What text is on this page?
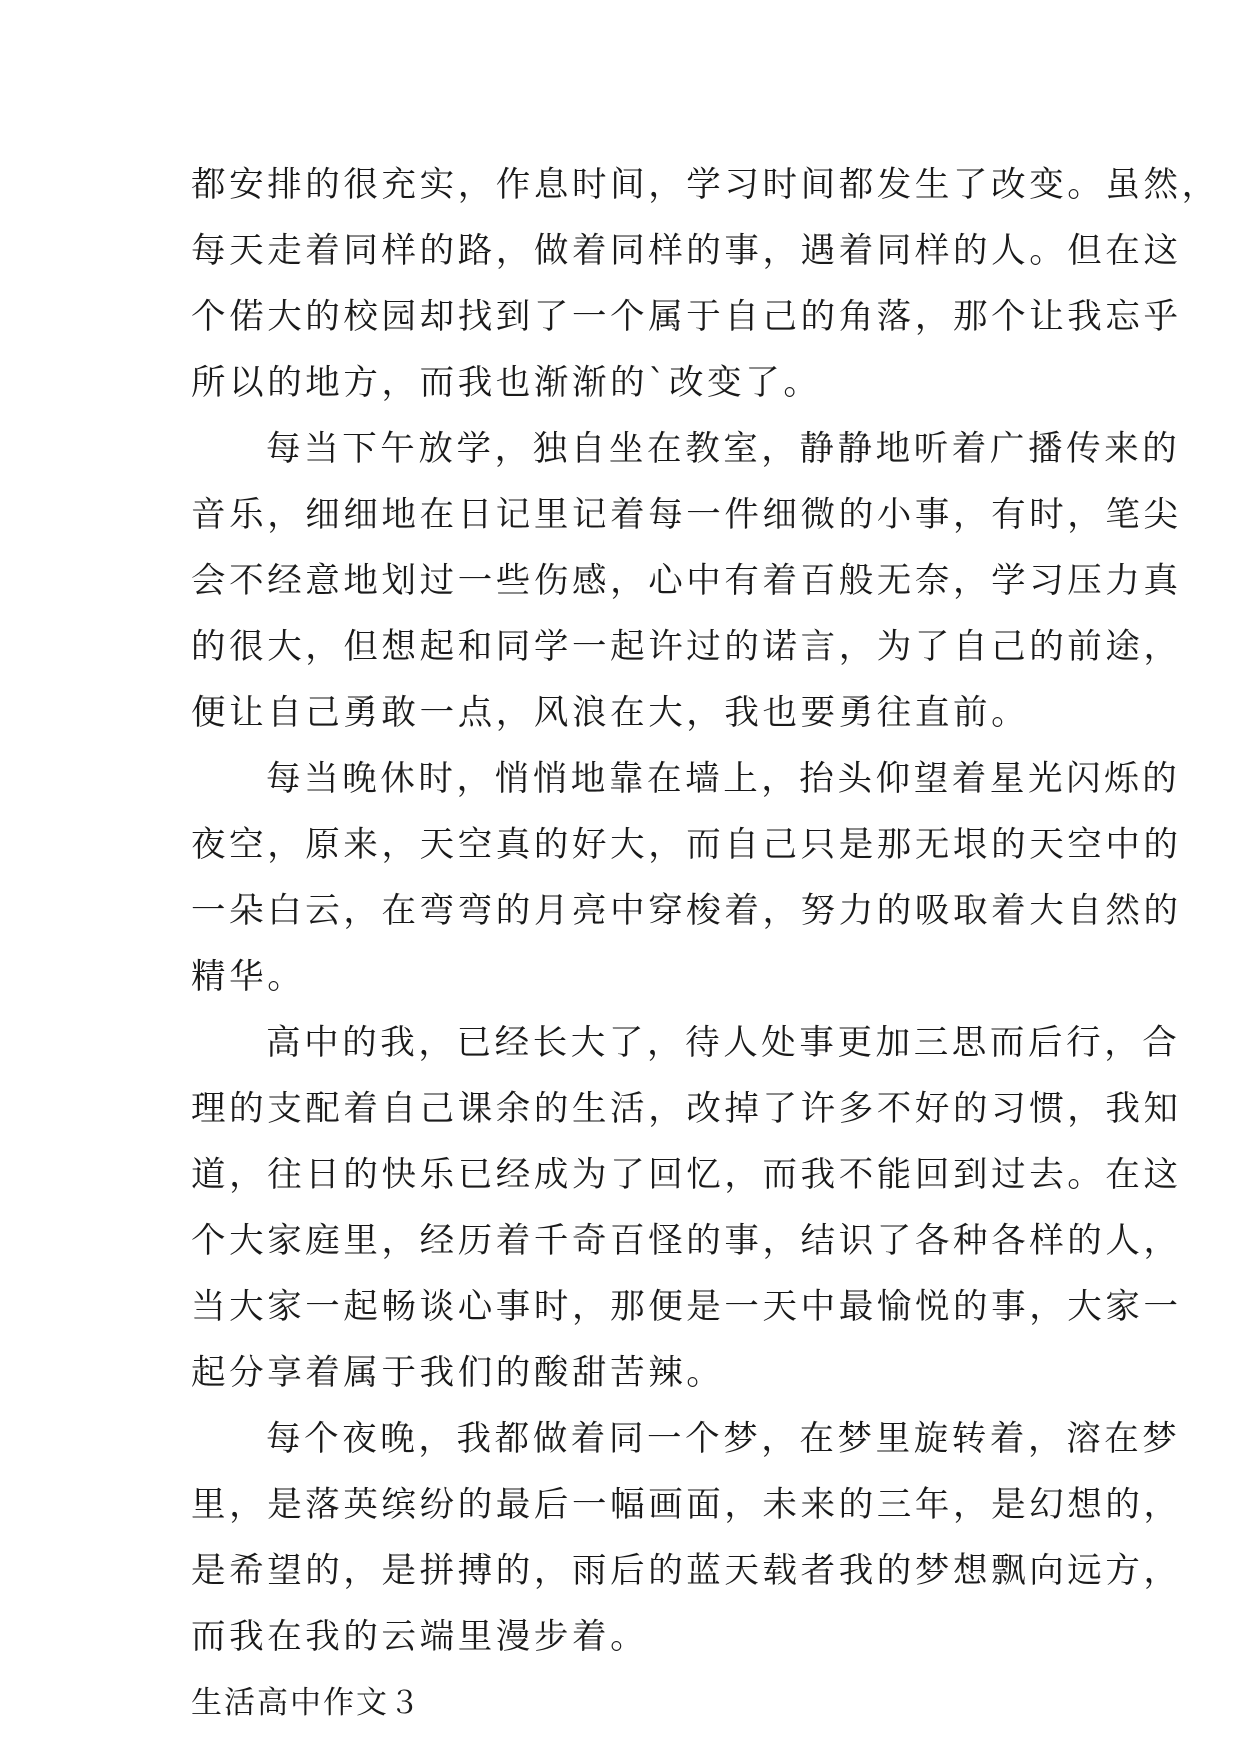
都安排的很充实，作息时间，学习时间都发生了改变。虽然，
每天走着同样的路，做着同样的事，遇着同样的人。但在这
个偌大的校园却找到了一个属于自己的角落，那个让我忘乎
所以的地方，而我也渐渐的`改变了。
每当下午放学，独自坐在教室，静静地听着广播传来的
音乐，细细地在日记里记着每一件细微的小事，有时，笔尖
会不经意地划过一些伤感，心中有着百般无奈，学习压力真
的很大，但想起和同学一起许过的诺言，为了自己的前途，
便让自己勇敢一点，风浪在大，我也要勇往直前。
每当晚休时，悄悄地靠在墙上，抬头仰望着星光闪烁的
夜空，原来，天空真的好大，而自己只是那无垠的天空中的
一朵白云，在弯弯的月亮中穿梭着，努力的吸取着大自然的
精华。
高中的我，已经长大了，待人处事更加三思而后行，合
理的支配着自己课余的生活，改掉了许多不好的习惯，我知
道，往日的快乐已经成为了回忆，而我不能回到过去。在这
个大家庭里，经历着千奇百怪的事，结识了各种各样的人，
当大家一起畅谈心事时，那便是一天中最愉悦的事，大家一
起分享着属于我们的酸甜苦辣。
每个夜晚，我都做着同一个梦，在梦里旋转着，溶在梦
里，是落英缤纷的最后一幅画面，未来的三年，是幻想的，
是希望的，是拼搏的，雨后的蓝天载者我的梦想飘向远方，
而我在我的云端里漫步着。
生活高中作文３
